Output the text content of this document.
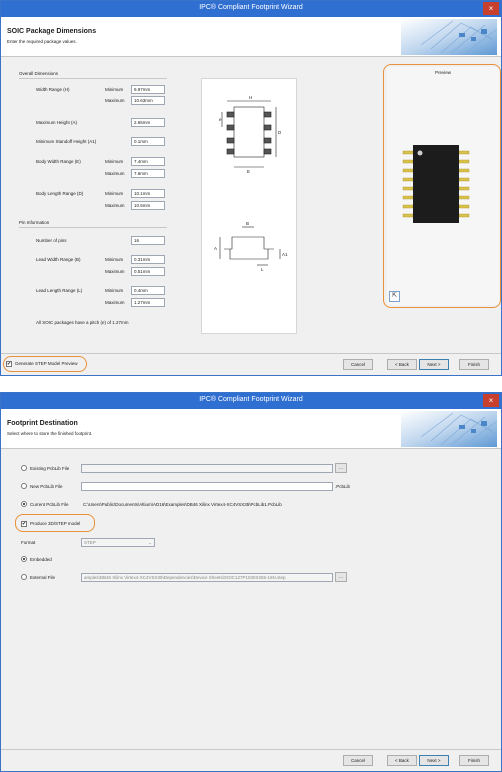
IPC® Compliant Footprint Wizard	×
SOIC Package Dimensions
Enter the required package values.
Overall Dimensions
Width Range (H)	Minimum	9.97mm
Maximum	10.63mm
Maximum Height (A)	2.65mm
Minimum Standoff Height (A1)	0.1mm
Body Width Range (E)	Minimum	7.4mm
Maximum	7.6mm
Body Length Range (D)	Minimum	10.1mm
Maximum	10.5mm
Pin Information
Number of pins	16
Lead Width Range (B)	Minimum	0.31mm
Maximum	0.51mm
Lead Length Range (L)	Minimum	0.4mm
Maximum	1.27mm
All SOIC packages have a pitch (e) of 1.27mm
e
H
D
E
A
A1
B
L
Preview
⇱
✔ Generate STEP Model Preview	Cancel	< Back	Next >	Finish
IPC® Compliant Footprint Wizard	×
Footprint Destination
Select where to store the finished footprint.
Existing PcbLib File	...
New PcbLib File	.PcbLib
Current PcbLib File	C:\Users\Public\Documents\Altium\AD16\Examples\DB46 Xilinx Virtex4-XC4VSX35\PcbLib1.PcbLib
✔ Produce 3D/STEP model
Format	STEP	⌄
Embedded
External File	amples\DB46 Xilinx Virtex4-XC4VSX35\Dependencies\Device Sheets\SOIC127P1030X265-16N.step	...
Cancel	< Back	Next >	Finish
